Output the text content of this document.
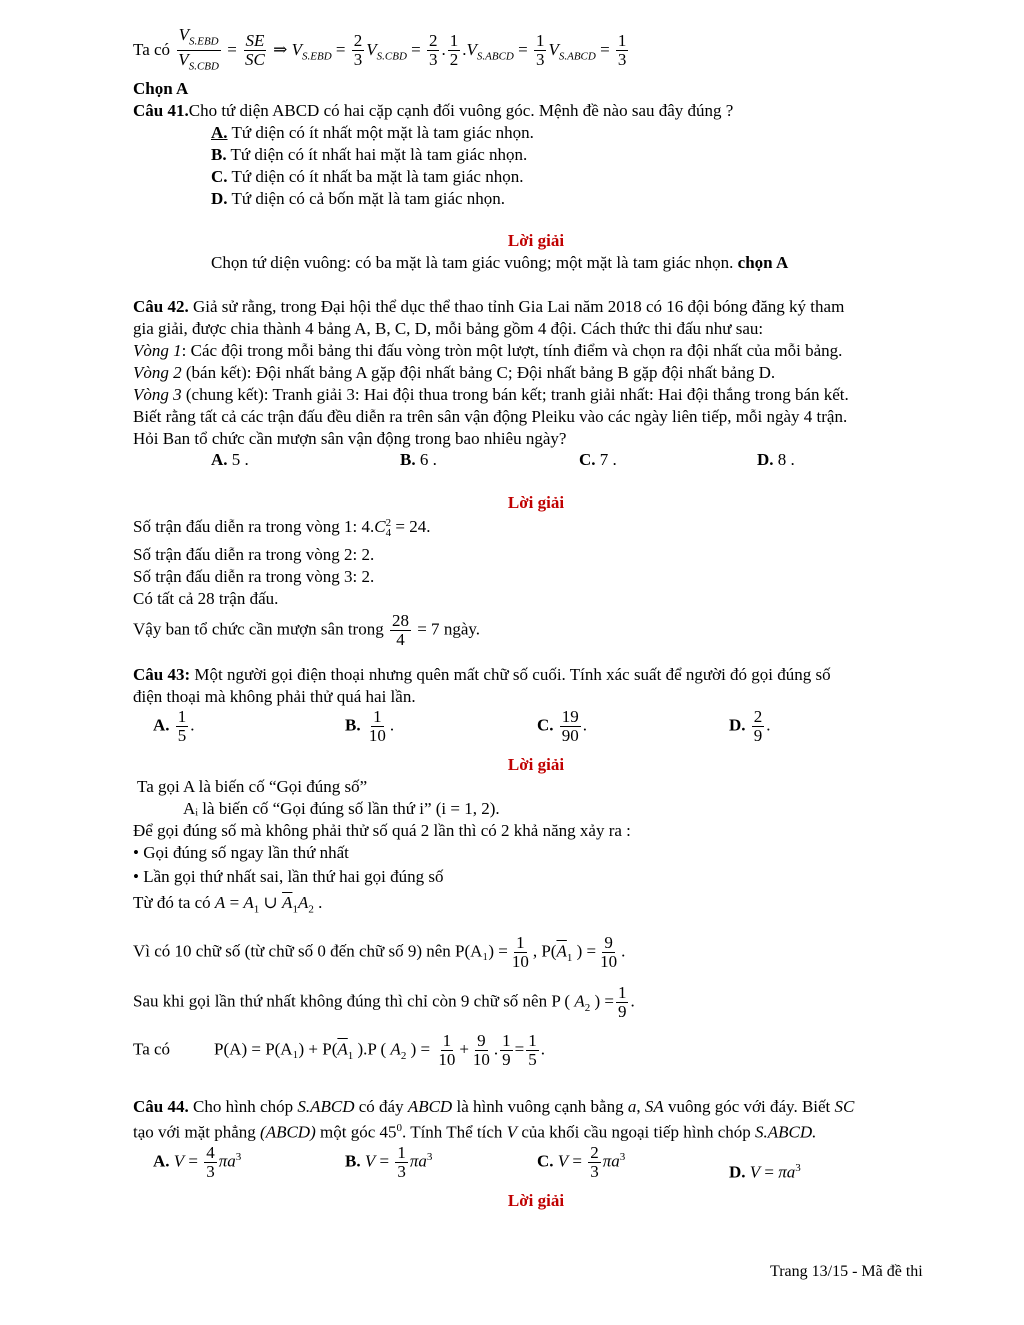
Ta có $\frac{V_{S.EBD}}{V_{S.CBD}} = \frac{SE}{SC}$ ⇒ $V_{S.EBD} = \frac{2}{3} V_{S.CBD} = \frac{2}{3}$ . $\frac{1}{2} .V_{S.ABCD} = \frac{1}{3} V_{S.ABCD} = \frac{1}{3}$
Chọn A
Câu 41.Cho tứ diện ABCD có hai cặp cạnh đối vuông góc. Mệnh đề nào sau đây đúng ?
A. Tứ diện có ít nhất một mặt là tam giác nhọn.
B. Tứ diện có ít nhất hai mặt là tam giác nhọn.
C. Tứ diện có ít nhất ba mặt là tam giác nhọn.
D. Tứ diện có cả bốn mặt là tam giác nhọn.
Lời giải
Chọn tứ diện vuông: có ba mặt là tam giác vuông; một mặt là tam giác nhọn. chọn A
Câu 42. Giả sử rằng, trong Đại hội thể dục thể thao tỉnh Gia Lai năm 2018 có 16 đội bóng đăng ký tham
gia giải, được chia thành 4 bảng A, B, C, D, mỗi bảng gồm 4 đội. Cách thức thi đấu như sau:
Vòng 1: Các đội trong mỗi bảng thi đấu vòng tròn một lượt, tính điểm và chọn ra đội nhất của mỗi bảng.
Vòng 2 (bán kết): Đội nhất bảng A gặp đội nhất bảng C; Đội nhất bảng B gặp đội nhất bảng D.
Vòng 3 (chung kết): Tranh giải 3: Hai đội thua trong bán kết; tranh giải nhất: Hai đội thắng trong bán kết.
Biết rằng tất cả các trận đấu đều diễn ra trên sân vận động Pleiku vào các ngày liên tiếp, mỗi ngày 4 trận.
Hỏi Ban tổ chức cần mượn sân vận động trong bao nhiêu ngày?
A. 5 .	B. 6 .	C. 7 .	D. 8 .
Lời giải
Số trận đấu diễn ra trong vòng 1: 4.C 2
4 = 24.
Số trận đấu diễn ra trong vòng 2: 2.
Số trận đấu diễn ra trong vòng 3: 2.
Có tất cả 28 trận đấu.
Vậy ban tổ chức cần mượn sân trong $\frac{28}{4} = 7$ ngày.
Câu 43: Một người gọi điện thoại nhưng quên mất chữ số cuối. Tính xác suất để người đó gọi đúng số
điện thoại mà không phải thử quá hai lần.
A. $\frac{1}{5}$ .	B. $\frac{1}{10}$ .	C. $\frac{19}{90}$ .	D. $\frac{2}{9}$ .
Lời giải
Ta gọi A là biến cố “Gọi đúng số”
Aᵢ là biến cố “Gọi đúng số lần thứ i” (i = 1, 2).
Để gọi đúng số mà không phải thử số quá 2 lần thì có 2 khả năng xảy ra :
• Gọi đúng số ngay lần thứ nhất
• Lần gọi thứ nhất sai, lần thứ hai gọi đúng số
Từ đó ta có $A = A_1$ ∪ $\overline{A}_1A_2$ .
Vì có 10 chữ số (từ chữ số 0 đến chữ số 9) nên $P(A_1) = \frac{1}{10}$ , $P(\overline{A}_1$ ) = $\frac{9}{10}$ .
Sau khi gọi lần thứ nhất không đúng thì chỉ còn 9 chữ số nên P ( $A_2$ ) = $\frac{1}{9}$ .
Ta có	$P(A) = P(A_1) + P(\overline{A}_1$ ).P ( $A_2$ ) = $\frac{1}{10} + \frac{9}{10}$ . $\frac{1}{9} = \frac{1}{5}$ .
Câu 44. Cho hình chóp S.ABCD có đáy ABCD là hình vuông cạnh bằng a, SA vuông góc với đáy. Biết SC
tạo với mặt phẳng (ABCD) một góc $45^0$. Tính Thể tích V của khối cầu ngoại tiếp hình chóp S.ABCD.
A. $V = \frac{4}{3} \pi a^3$	B. $V = \frac{1}{3} \pi a^3$	C. $V = \frac{2}{3} \pi a^3$
D. $V = \pi a^3$
Lời giải
Trang 13/15 - Mã đề thi
